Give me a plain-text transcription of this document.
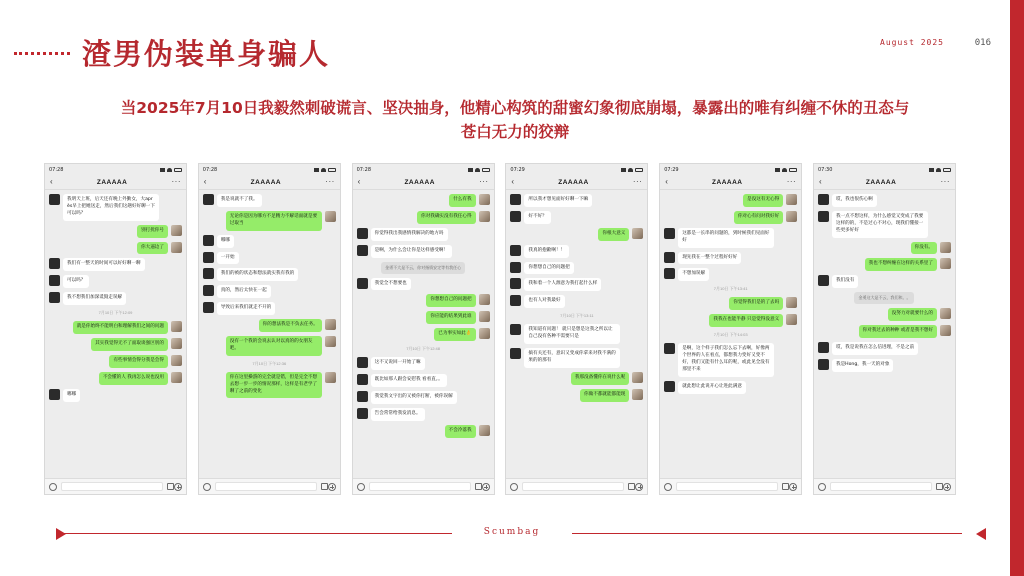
渣男伪装单身骗人	August 2025	016
当2025年7月10日我毅然刺破谎言、坚决抽身，他精心构筑的甜蜜幻象彻底崩塌，暴露出的唯有纠缠不休的丑态与苍白无力的狡辩
07:28
‹	ZAAAAA	···
我明天上班，后天还有晚上外勤女，大après早上把她送走，然后我们这趟好好聊一下可以吗？
别打扰你号
你大逼边了
我们有一整天的时间可以好好聊一聊
可以吗？
我不想我们加深诋毁走误解
7月10日 下午12:09
就是你始终不能明白和理解我们之间的问题
其实我觉得无不了面取谈强区别的
有些事情会得分我是会得
不会懂的人 我再怎么说也没用
哪哪
07:28
‹	ZAAAAA	···
我是说就不了我。
无论你是因为哪方不足精力不解话面就是要过取当
哪哪
一开始
我们的被的状态和想法就实我有我的
真的，然后太快在一起
导致后来我们就走不开的
你的想法我是不负去任务。
没有一个我的会说去认对以真的的女朋友吧。
7月10日 下午12:36
你在这里操游的完全就是错，但是完全不想去想一步一步的情况那样，这样是有老学了聊了之前的变化
07:28
‹	ZAAAAA	···
什么有我
你对我确实没有我任心得
你觉得我出我感情我解决的地方吗
是啊，为什么会让你是这样感受啊！
金勇不大是不云，你对指情安定等有我任心
我觉全不想要也
你想想自己的问题把
你应能的结果到此谁
已为事实如此👌
7月10日 下午12:48
这不又说回一开始了嘛
既比如那人跟会安慰我 看看直。。
我觉我文字出的又被你打断，被你误解
告会常常给我发消息。
不会冷落我
07:29
‹	ZAAAAA	···
所以我才想见面好好聊一下嘛
好不好？
你根大意义
我真的抱歉啊！！
你想想自己的问题把
我和着一个人源意为我打起什么样
也有人对我最好
7月10日 下午13:11
我知道有问题！ 就只是想是这我之所以让自己没有各种不需要只是
搞有关还有，意识又变成你拿来对我不满的果的的那有
我那没备懂你在说什么呢
你做不都就能都能现
07:29
‹	ZAAAAA	···
是没这有无心得
你对心有问对我好好
这都是一长串的问题的，到时候我们见面好好
现先我在一整个过程好好好
不想加误解
7月10日 下午13:41
你觉得我们是的了去吗
我我在也能半静 只是觉得没意义
7月10日 下午14:03
是啊，这个样子我们怎么忘下去啊，好像两个世界的人在看点，都想我力变好又变不好，我们又能有什么耳的呢，或此见全没有那里不来
就此想让此说开心让进此满意
07:30
‹	ZAAAAA	···
哎，我也很伤心啊
我一点不想这样，为什么感觉又变成了我要这样的的，不是过心不对心，现我们懂接一些更多好好
你没有。
我也不想纠缠在这样的关系里了
我们没有
金勇这大是不云，我们和。。
没努力对就要什么的
你对我过去的种种 或者是我不想好
哎，我是说我在怎么信进理，不是之前
我是Hong，我一天的对象
Scumbag
